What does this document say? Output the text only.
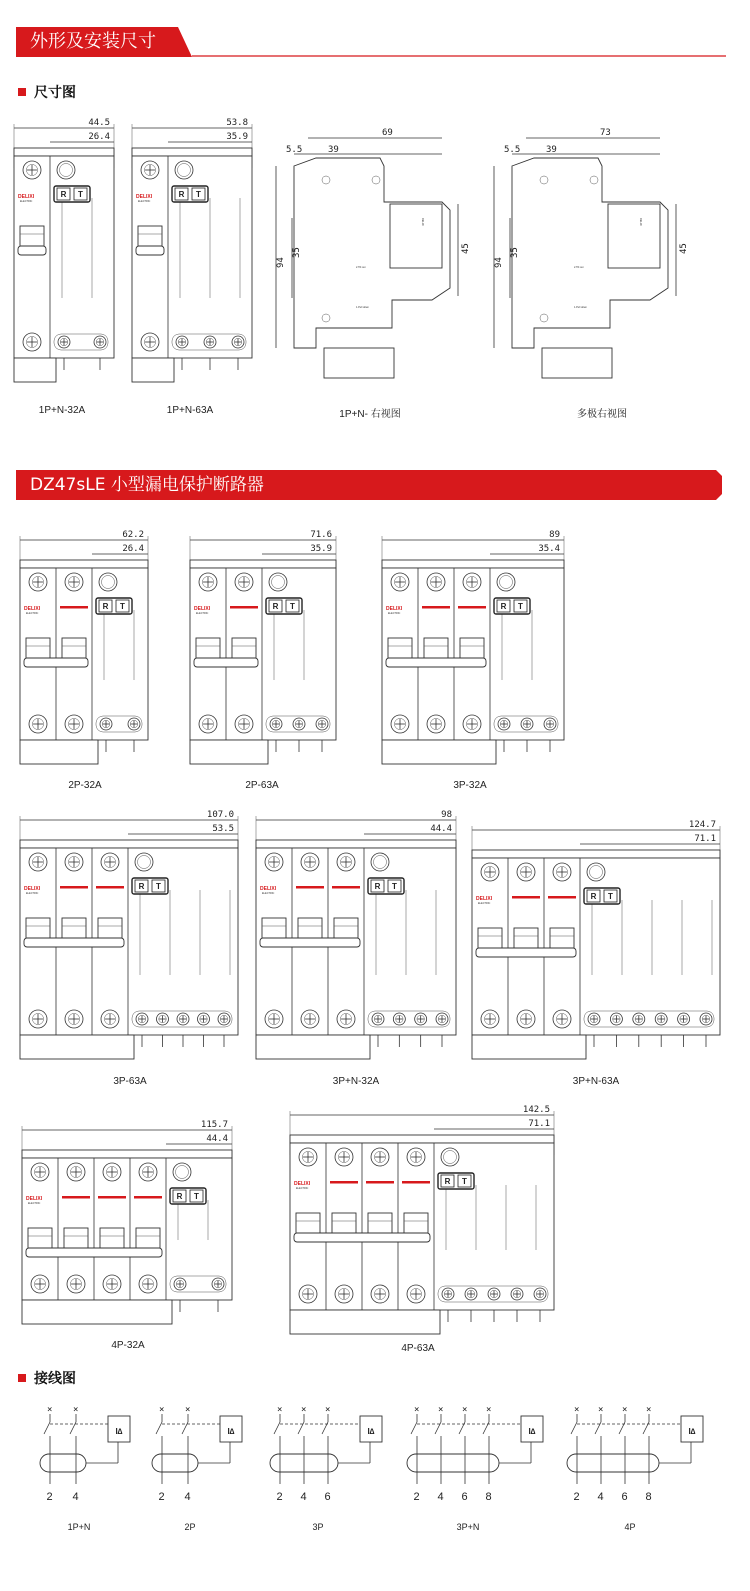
外形及安装尺寸
尺寸图
DZ47sLE 小型漏电保护断路器
接线图
44.5
26.4
DELIXI
ELECTRIC
R T
1P+N-32A
53.8
35.9
DELIXI
ELECTRIC
R T
1P+N-63A
5.5	39
69
2.Tilt out
1.Pull down
DELIXI
94
35	45
1P+N- 右视图
5.5	39
73
2.Tilt out
1.Pull down
DELIXI
94
35	45
多极右视图
62.2
26.4
DELIXI
ELECTRIC
R T
71.6
35.9
DELIXI
ELECTRIC
R T
89
35.4
DELIXI
ELECTRIC
R T
107.0
53.5
DELIXI
ELECTRIC
R T
98
44.4
DELIXI
ELECTRIC
R T
124.7
71.1
DELIXI
ELECTRIC
R T
115.7
44.4
DELIXI
ELECTRIC
R T
142.5
71.1
DELIXI
ELECTRIC
R T
2P-32A	2P-63A	3P-32A
3P-63A	3P+N-32A	3P+N-63A
4P-32A	4P-63A
×
2
×
4
I∆
1P+N
×
2
×
4
I∆
2P
×
2
×
4
×
6
I∆
3P
×
2
×
4
×
6
×
8
I∆
3P+N
×
2
×
4
×
6
×
8
I∆
4P
